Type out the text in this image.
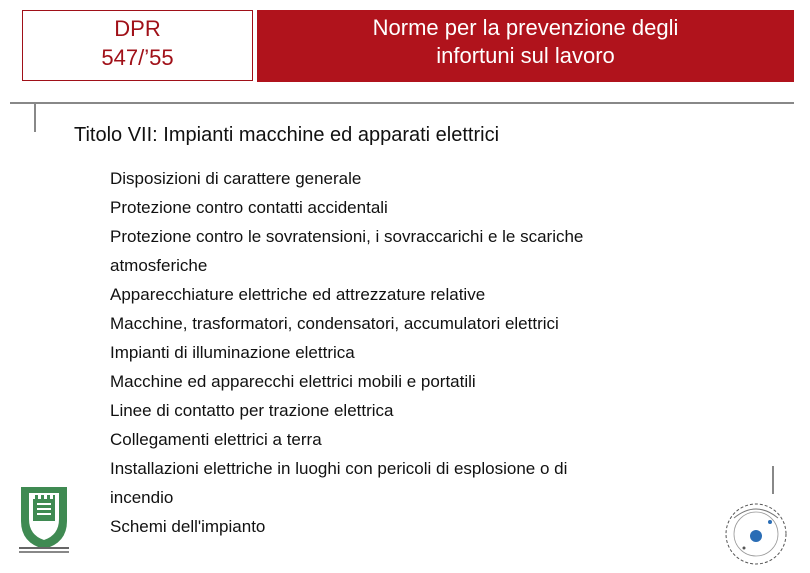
DPR
547/’55
Norme per la prevenzione degli
infortuni sul lavoro
Titolo VII: Impianti macchine ed apparati elettrici
Disposizioni di carattere generale
Protezione contro contatti accidentali
Protezione contro le sovratensioni, i sovraccarichi e le scariche
atmosferiche
Apparecchiature elettriche ed attrezzature relative
Macchine, trasformatori, condensatori, accumulatori elettrici
Impianti di illuminazione elettrica
Macchine ed apparecchi elettrici mobili e portatili
Linee di contatto per trazione elettrica
Collegamenti elettrici a terra
Installazioni elettriche in luoghi con pericoli di esplosione o di
incendio
Schemi dell'impianto
